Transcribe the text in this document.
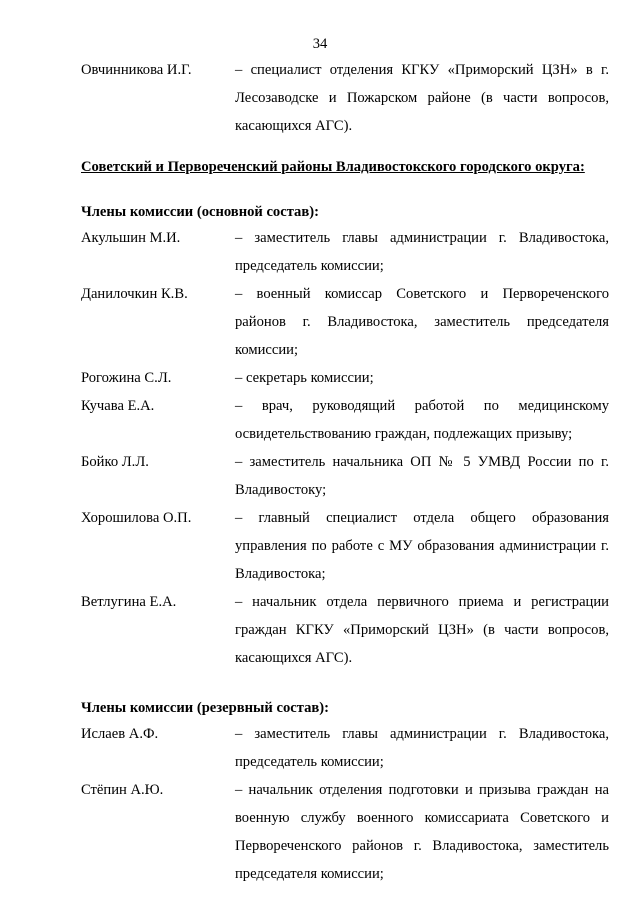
34
Овчинникова И.Г.	– специалист отделения КГКУ «Приморский ЦЗН» в г. Лесозаводске и Пожарском районе (в части вопросов, касающихся АГС).
Советский и Первореченский районы Владивостокского городского округа:
Члены комиссии (основной состав):
Акульшин М.И.	– заместитель главы администрации г. Владивостока, председатель комиссии;
Данилочкин К.В.	– военный комиссар Советского и Первореченского районов г. Владивостока, заместитель председателя комиссии;
Рогожина С.Л.	– секретарь комиссии;
Кучава Е.А.	– врач, руководящий работой по медицинскому освидетельствованию граждан, подлежащих призыву;
Бойко Л.Л.	– заместитель начальника ОП № 5 УМВД России по г. Владивостоку;
Хорошилова О.П.	– главный специалист отдела общего образования управления по работе с МУ образования администрации г. Владивостока;
Ветлугина Е.А.	– начальник отдела первичного приема и регистрации граждан КГКУ «Приморский ЦЗН» (в части вопросов, касающихся АГС).
Члены комиссии (резервный состав):
Ислаев А.Ф.	– заместитель главы администрации г. Владивостока, председатель комиссии;
Стёпин А.Ю.	– начальник отделения подготовки и призыва граждан на военную службу военного комиссариата Советского и Первореченского районов г. Владивостока, заместитель председателя комиссии;
